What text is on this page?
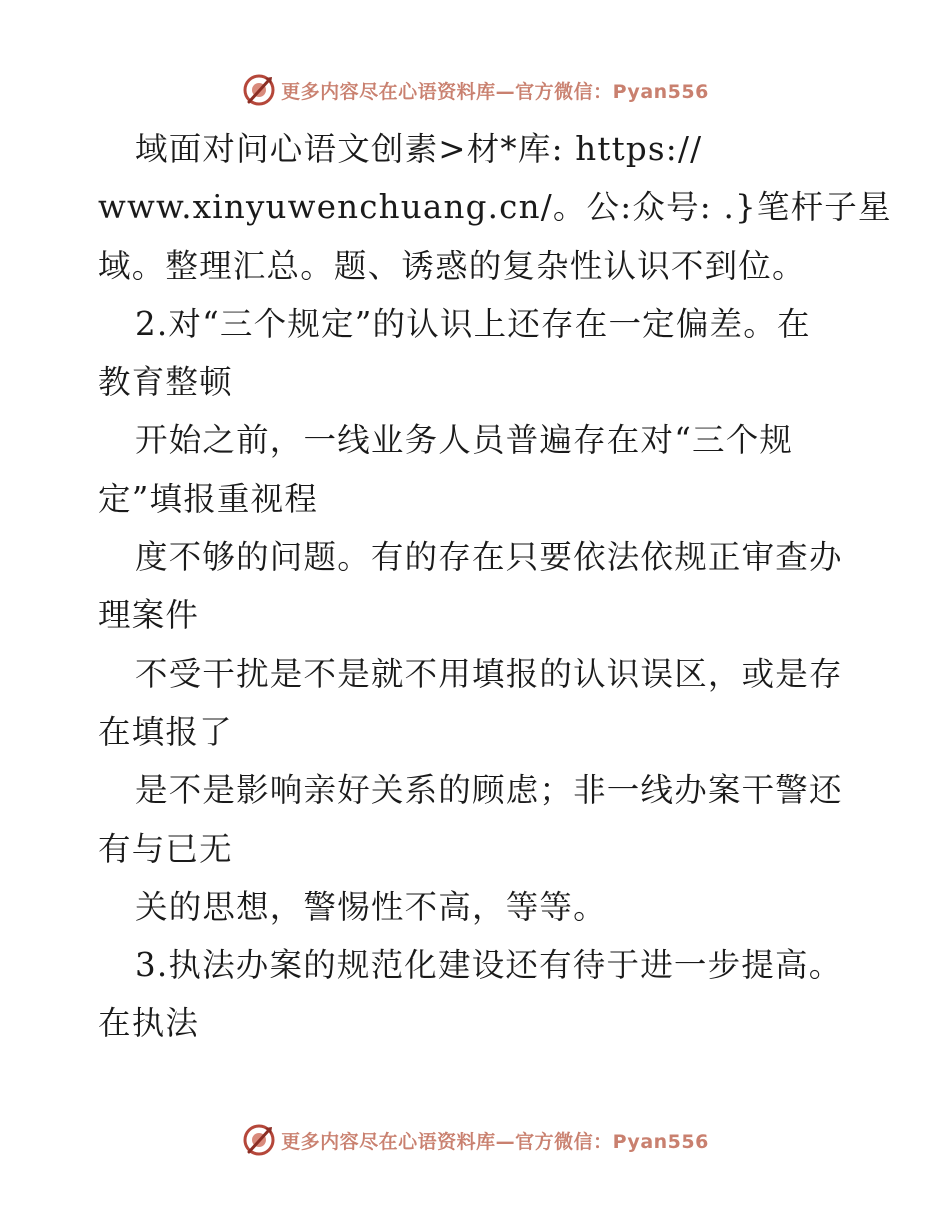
更多内容尽在心语资料库—官方微信：Pyan556
域面对问心语文创素>材*库: https://
www.xinyuwenchuang.cn/。公:众号: .}笔杆子星
域。整理汇总。题、诱惑的复杂性认识不到位。
2.对“三个规定”的认识上还存在一定偏差。在
教育整顿
开始之前，一线业务人员普遍存在对“三个规
定”填报重视程
度不够的问题。有的存在只要依法依规正审查办
理案件
不受干扰是不是就不用填报的认识误区，或是存
在填报了
是不是影响亲好关系的顾虑；非一线办案干警还
有与已无
关的思想，警惕性不高，等等。
3.执法办案的规范化建设还有待于进一步提高。
在执法
更多内容尽在心语资料库—官方微信：Pyan556
